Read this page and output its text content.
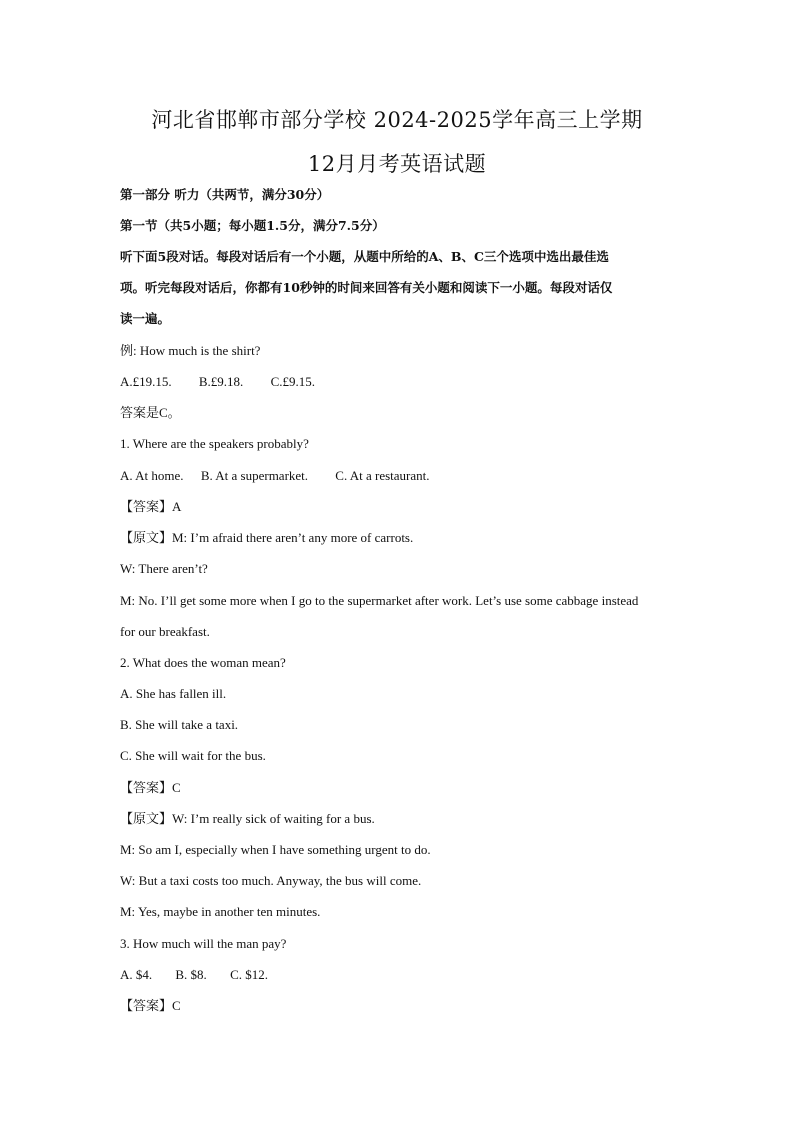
河北省邯郸市部分学校 2024-2025学年高三上学期
12月月考英语试题
第一部分 听力（共两节，满分30分）
第一节（共5小题；每小题1.5分，满分7.5分）
听下面5段对话。每段对话后有一个小题，从题中所给的A、B、C三个选项中选出最佳选
项。听完每段对话后，你都有10秒钟的时间来回答有关小题和阅读下一小题。每段对话仅
读一遍。
例: How much is the shirt?
A.£19.15. B.£9.18. C.£9.15.
答案是C。
1. Where are the speakers probably?
A. At home. B. At a supermarket. C. At a restaurant.
【答案】A
【原文】M: I’m afraid there aren’t any more of carrots.
W: There aren’t?
M: No. I’ll get some more when I go to the supermarket after work. Let’s use some cabbage instead
for our breakfast.
2. What does the woman mean?
A. She has fallen ill.
B. She will take a taxi.
C. She will wait for the bus.
【答案】C
【原文】W: I’m really sick of waiting for a bus.
M: So am I, especially when I have something urgent to do.
W: But a taxi costs too much. Anyway, the bus will come.
M: Yes, maybe in another ten minutes.
3. How much will the man pay?
A. $4. B. $8. C. $12.
【答案】C
